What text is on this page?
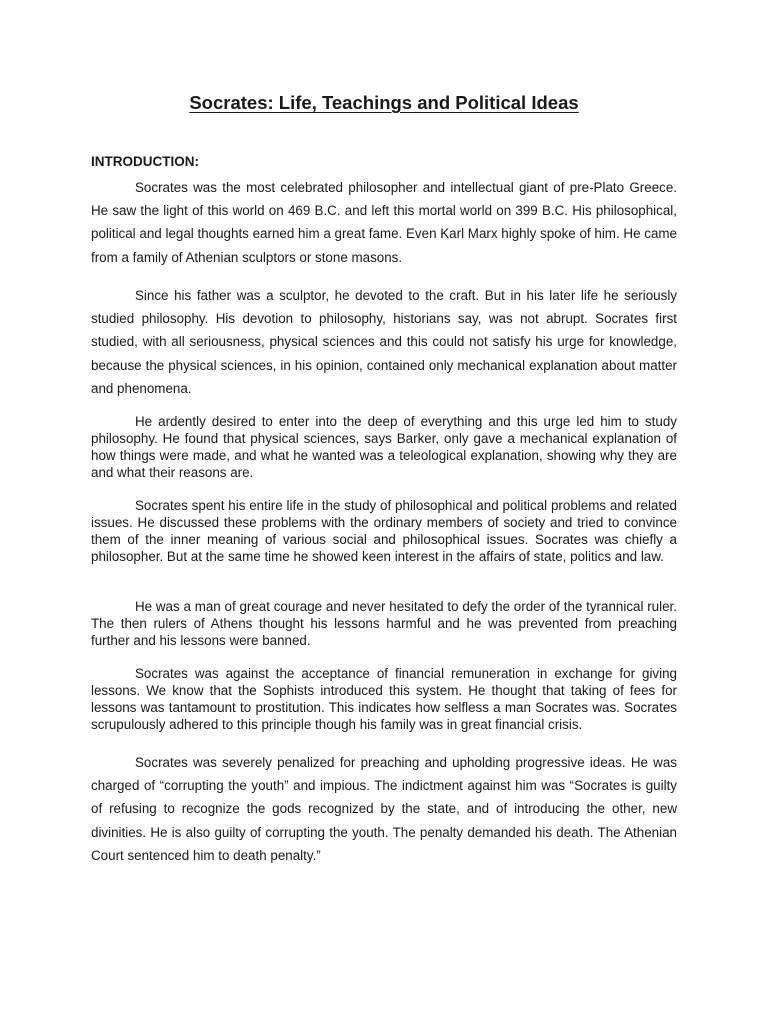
Socrates: Life, Teachings and Political Ideas

INTRODUCTION:

Socrates was the most celebrated philosopher and intellectual giant of pre-Plato Greece. He saw the light of this world on 469 B.C. and left this mortal world on 399 B.C. His philosophical, political and legal thoughts earned him a great fame. Even Karl Marx highly spoke of him. He came from a family of Athenian sculptors or stone masons.

Since his father was a sculptor, he devoted to the craft. But in his later life he seriously studied philosophy. His devotion to philosophy, historians say, was not abrupt. Socrates first studied, with all seriousness, physical sciences and this could not satisfy his urge for knowledge, because the physical sciences, in his opinion, contained only mechanical explanation about matter and phenomena.

He ardently desired to enter into the deep of everything and this urge led him to study philosophy. He found that physical sciences, says Barker, only gave a mechanical explanation of how things were made, and what he wanted was a teleological explanation, showing why they are and what their reasons are.

Socrates spent his entire life in the study of philosophical and political problems and related issues. He discussed these problems with the ordinary members of society and tried to convince them of the inner meaning of various social and philosophical issues. Socrates was chiefly a philosopher. But at the same time he showed keen interest in the affairs of state, politics and law.

He was a man of great courage and never hesitated to defy the order of the tyrannical ruler. The then rulers of Athens thought his lessons harmful and he was prevented from preaching further and his lessons were banned.

Socrates was against the acceptance of financial remuneration in exchange for giving lessons. We know that the Sophists introduced this system. He thought that taking of fees for lessons was tantamount to prostitution. This indicates how selfless a man Socrates was. Socrates scrupulously adhered to this principle though his family was in great financial crisis.

Socrates was severely penalized for preaching and upholding progressive ideas. He was charged of “corrupting the youth” and impious. The indictment against him was “Socrates is guilty of refusing to recognize the gods recognized by the state, and of introducing the other, new divinities. He is also guilty of corrupting the youth. The penalty demanded his death. The Athenian Court sentenced him to death penalty.”
